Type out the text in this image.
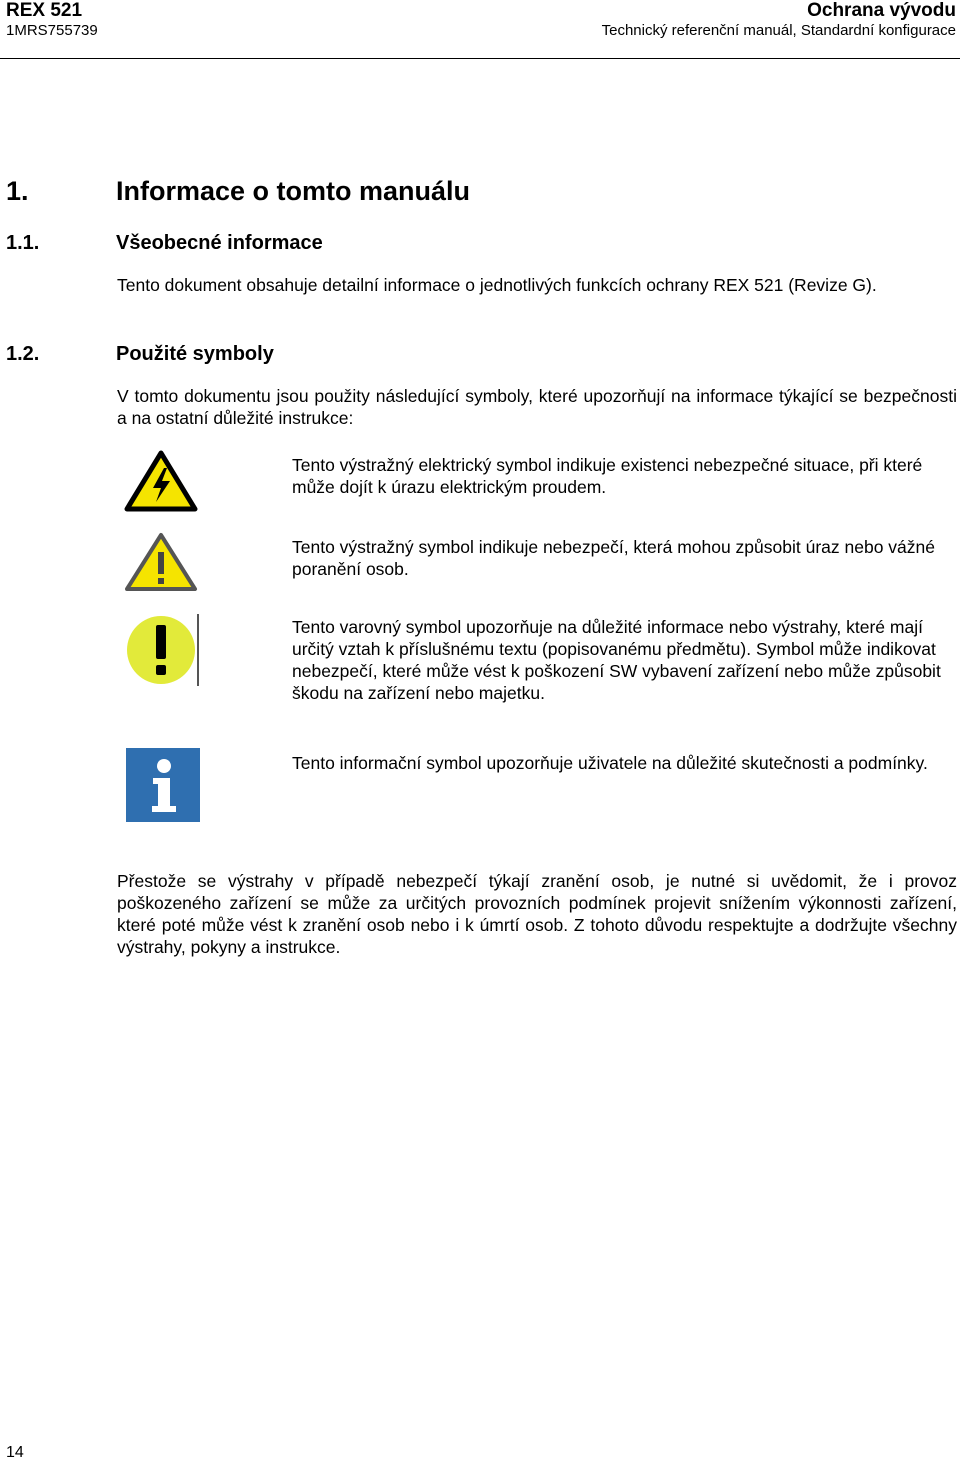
REX 521
1MRS755739
Ochrana vývodu
Technický referenční manuál, Standardní konfigurace
1.	Informace o tomto manuálu
1.1.	Všeobecné informace
Tento dokument obsahuje detailní informace o jednotlivých funkcích ochrany REX 521 (Revize G).
1.2.	Použité symboly
V tomto dokumentu jsou použity následující symboly, které upozorňují na informace týkající se bezpečnosti a na ostatní důležité instrukce:
Tento výstražný elektrický symbol indikuje existenci nebezpečné situace, při které může dojít k úrazu elektrickým proudem.
Tento výstražný symbol indikuje nebezpečí, která mohou způsobit úraz nebo vážné poranění osob.
Tento varovný symbol upozorňuje na důležité informace nebo výstrahy, které mají určitý vztah k příslušnému textu (popisovanému předmětu). Symbol může indikovat nebezpečí, které může vést k poškození SW vybavení zařízení nebo může způsobit škodu na zařízení nebo majetku.
Tento informační symbol upozorňuje uživatele na důležité skutečnosti a podmínky.
Přestože se výstrahy v případě nebezpečí týkají zranění osob, je nutné si uvědomit, že i provoz poškozeného zařízení se může za určitých provozních podmínek projevit snížením výkonnosti zařízení, které poté může vést k zranění osob nebo i k úmrtí osob. Z tohoto důvodu respektujte a dodržujte všechny výstrahy, pokyny a instrukce.
14
